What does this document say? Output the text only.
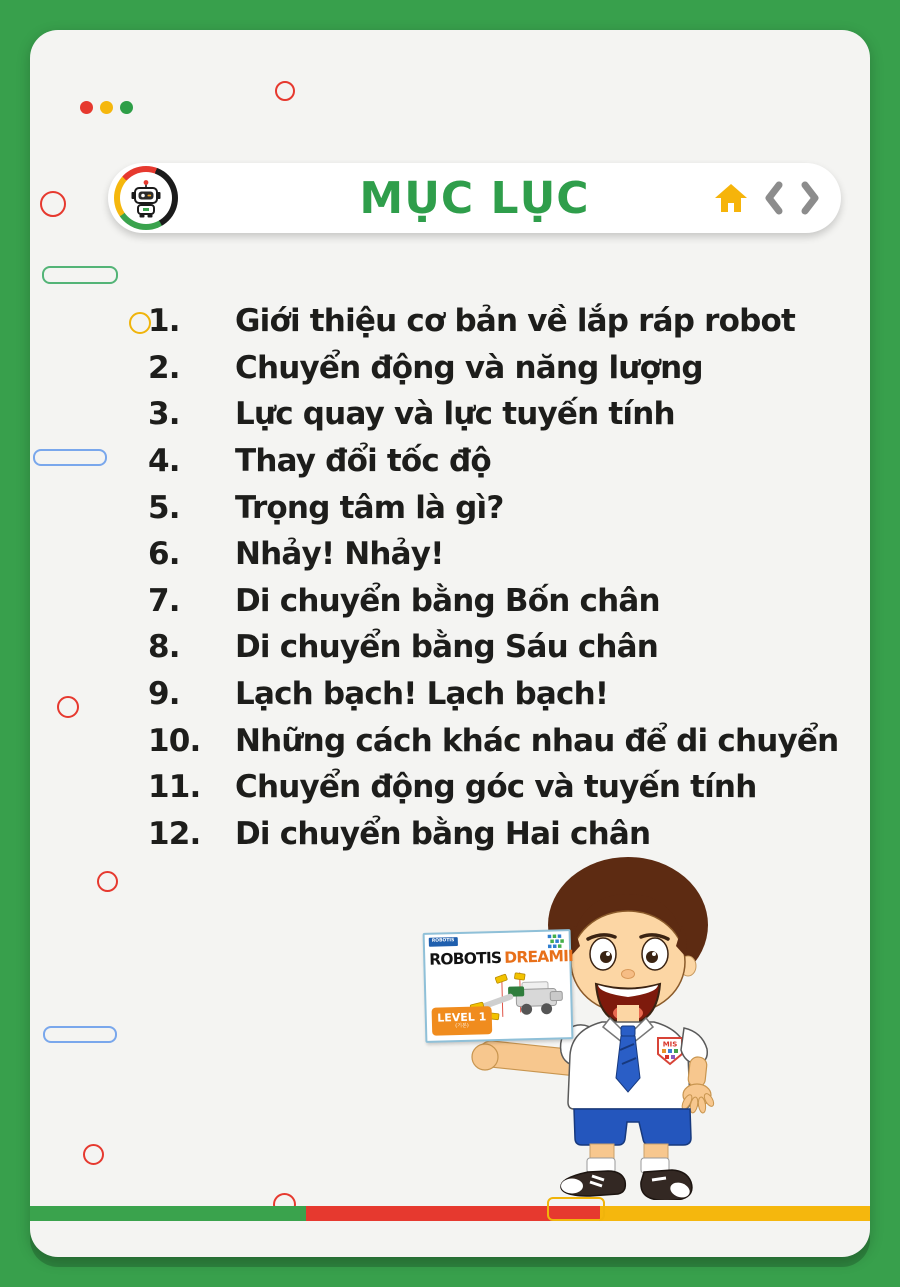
MỤC LỤC
1.	Giới thiệu cơ bản về lắp ráp robot
2.	Chuyển động và năng lượng
3.	Lực quay và lực tuyến tính
4.	Thay đổi tốc độ
5.	Trọng tâm là gì?
6.	Nhảy! Nhảy!
7.	Di chuyển bằng Bốn chân
8.	Di chuyển bằng Sáu chân
9.	Lạch bạch! Lạch bạch!
10.	Những cách khác nhau để di chuyển
11.	Chuyển động góc và tuyến tính
12.	Di chuyển bằng Hai chân
MIS
ROBOTIS
ROBOTIS DREAMII
LEVEL 1
(기본)
